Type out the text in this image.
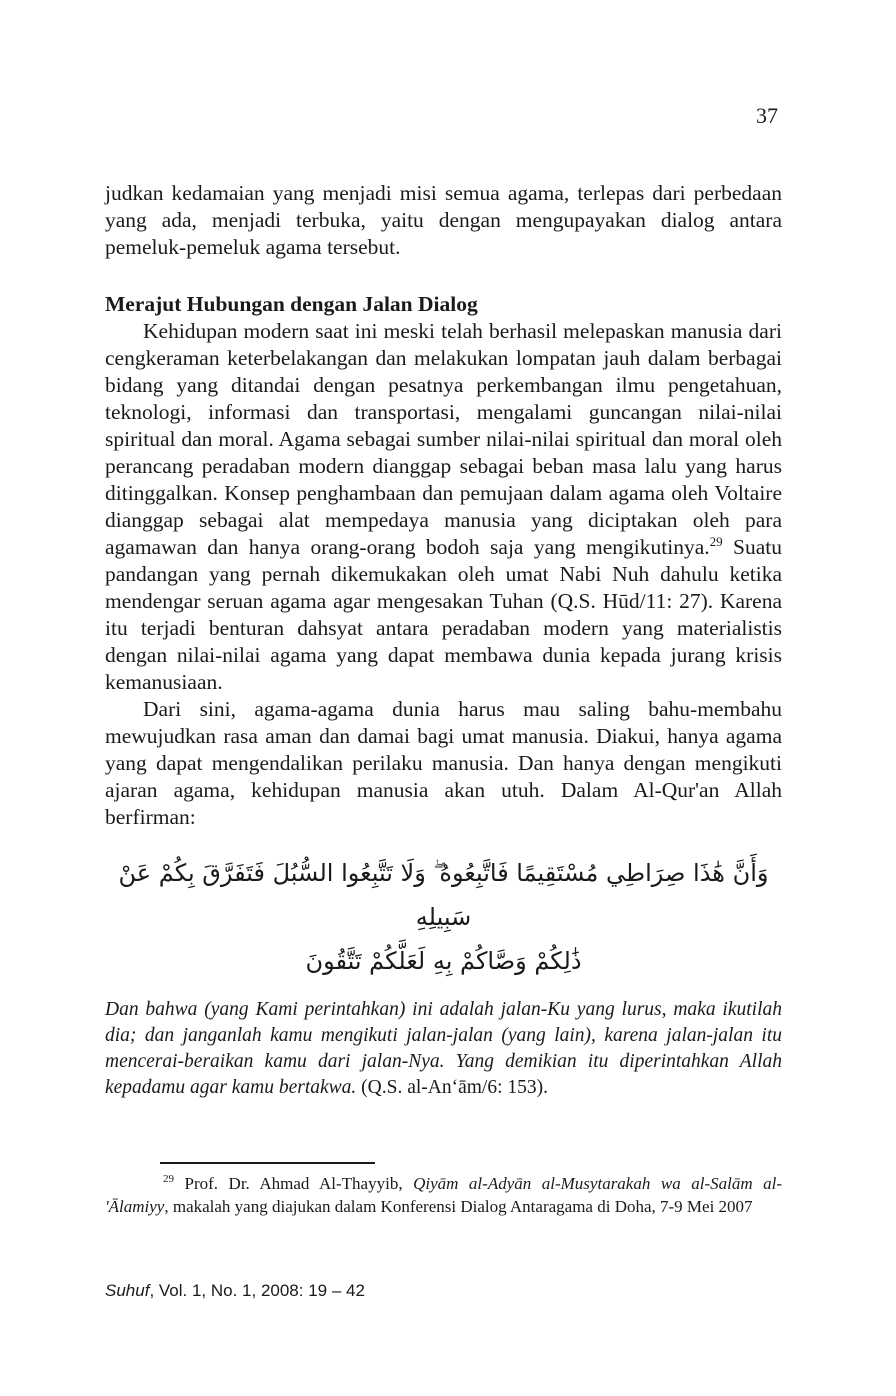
37

judkan kedamaian yang menjadi misi semua agama, terlepas dari perbedaan yang ada, menjadi terbuka, yaitu dengan mengupayakan dialog antara pemeluk-pemeluk agama tersebut.

Merajut Hubungan dengan Jalan Dialog

Kehidupan modern saat ini meski telah berhasil melepaskan manusia dari cengkeraman keterbelakangan dan melakukan lompatan jauh dalam berbagai bidang yang ditandai dengan pesatnya perkembangan ilmu pengetahuan, teknologi, informasi dan transportasi, mengalami guncangan nilai-nilai spiritual dan moral. Agama sebagai sumber nilai-nilai spiritual dan moral oleh perancang peradaban modern dianggap sebagai beban masa lalu yang harus ditinggalkan. Konsep penghambaan dan pemujaan dalam agama oleh Voltaire dianggap sebagai alat mempedaya manusia yang diciptakan oleh para agamawan dan hanya orang-orang bodoh saja yang mengikutinya.$^{29}$ Suatu pandangan yang pernah dikemukakan oleh umat Nabi Nuh dahulu ketika mendengar seruan agama agar mengesakan Tuhan (Q.S. Hūd/11: 27). Karena itu terjadi benturan dahsyat antara peradaban modern yang materialistis dengan nilai-nilai agama yang dapat membawa dunia kepada jurang krisis kemanusiaan.

Dari sini, agama-agama dunia harus mau saling bahu-membahu mewujudkan rasa aman dan damai bagi umat manusia. Diakui, hanya agama yang dapat mengendalikan perilaku manusia. Dan hanya dengan mengikuti ajaran agama, kehidupan manusia akan utuh. Dalam Al-Qur'an Allah berfirman:

وَأَنَّ هَٰذَا صِرَاطِي مُسْتَقِيمًا فَاتَّبِعُوهُ ۖ وَلَا تَتَّبِعُوا السُّبُلَ فَتَفَرَّقَ بِكُمْ عَنْ سَبِيلِهِ
ذَٰلِكُمْ وَصَّاكُمْ بِهِ لَعَلَّكُمْ تَتَّقُونَ

Dan bahwa (yang Kami perintahkan) ini adalah jalan-Ku yang lurus, maka ikutilah dia; dan janganlah kamu mengikuti jalan-jalan (yang lain), karena jalan-jalan itu mencerai-beraikan kamu dari jalan-Nya. Yang demikian itu diperintahkan Allah kepadamu agar kamu bertakwa. (Q.S. al-An‘ām/6: 153).

$^{29}$ Prof. Dr. Ahmad Al-Thayyib, Qiyām al-Adyān al-Musytarakah wa al-Salām al-'Ālamiyy, makalah yang diajukan dalam Konferensi Dialog Antaragama di Doha, 7-9 Mei 2007
Suhuf, Vol. 1, No. 1, 2008: 19 – 42
